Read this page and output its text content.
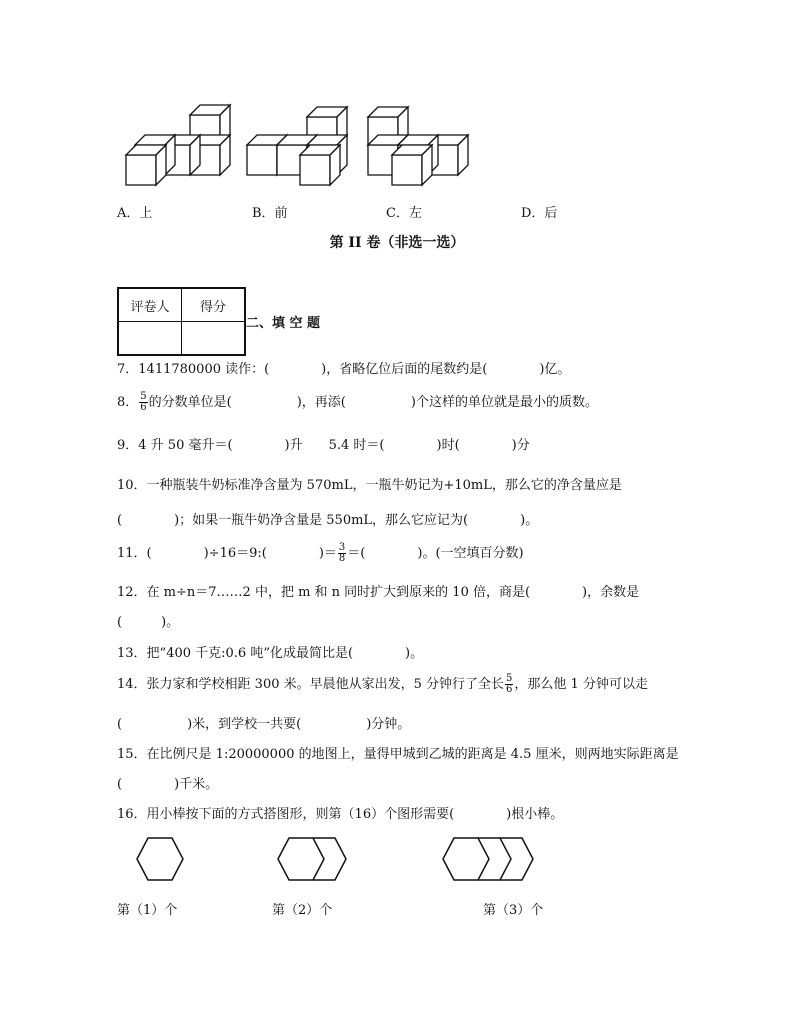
A．上	B．前	C．左	D．后
第 II 卷（非选一选）
评卷人	得分

二、填 空 题
7．1411780000 读作：(　　　　)，省略亿位后面的尾数约是(　　　　)亿。
8． $\frac{5}{6}$ 的分数单位是(　　　　　)，再添(　　　　　)个这样的单位就是最小的质数。
9．4 升 50 毫升＝(　　　　)升　　5.4 时＝(　　　　)时(　　　　)分
10．一种瓶装牛奶标准净含量为 570mL，一瓶牛奶记为+10mL，那么它的净含量应是
(　　　　)；如果一瓶牛奶净含量是 550mL，那么它应记为(　　　　)。
11．(　　　　)÷16＝9:(　　　　)＝ $\frac{3}{8}$ ＝(　　　　)。(一空填百分数)
12．在 m÷n＝7……2 中，把 m 和 n 同时扩大到原来的 10 倍，商是(　　　　)，余数是
(　　　)。
13．把“400 千克:0.6 吨”化成最简比是(　　　　)。
14．张力家和学校相距 300 米。早晨他从家出发，5 分钟行了全长 $\frac{5}{6}$ ，那么他 1 分钟可以走
(　　　　　)米，到学校一共要(　　　　　)分钟。
15．在比例尺是 1:20000000 的地图上，量得甲城到乙城的距离是 4.5 厘米，则两地实际距离是
(　　　　)千米。
16．用小棒按下面的方式搭图形，则第（16）个图形需要(　　　　)根小棒。
第（1）个	第（2）个	第（3）个
